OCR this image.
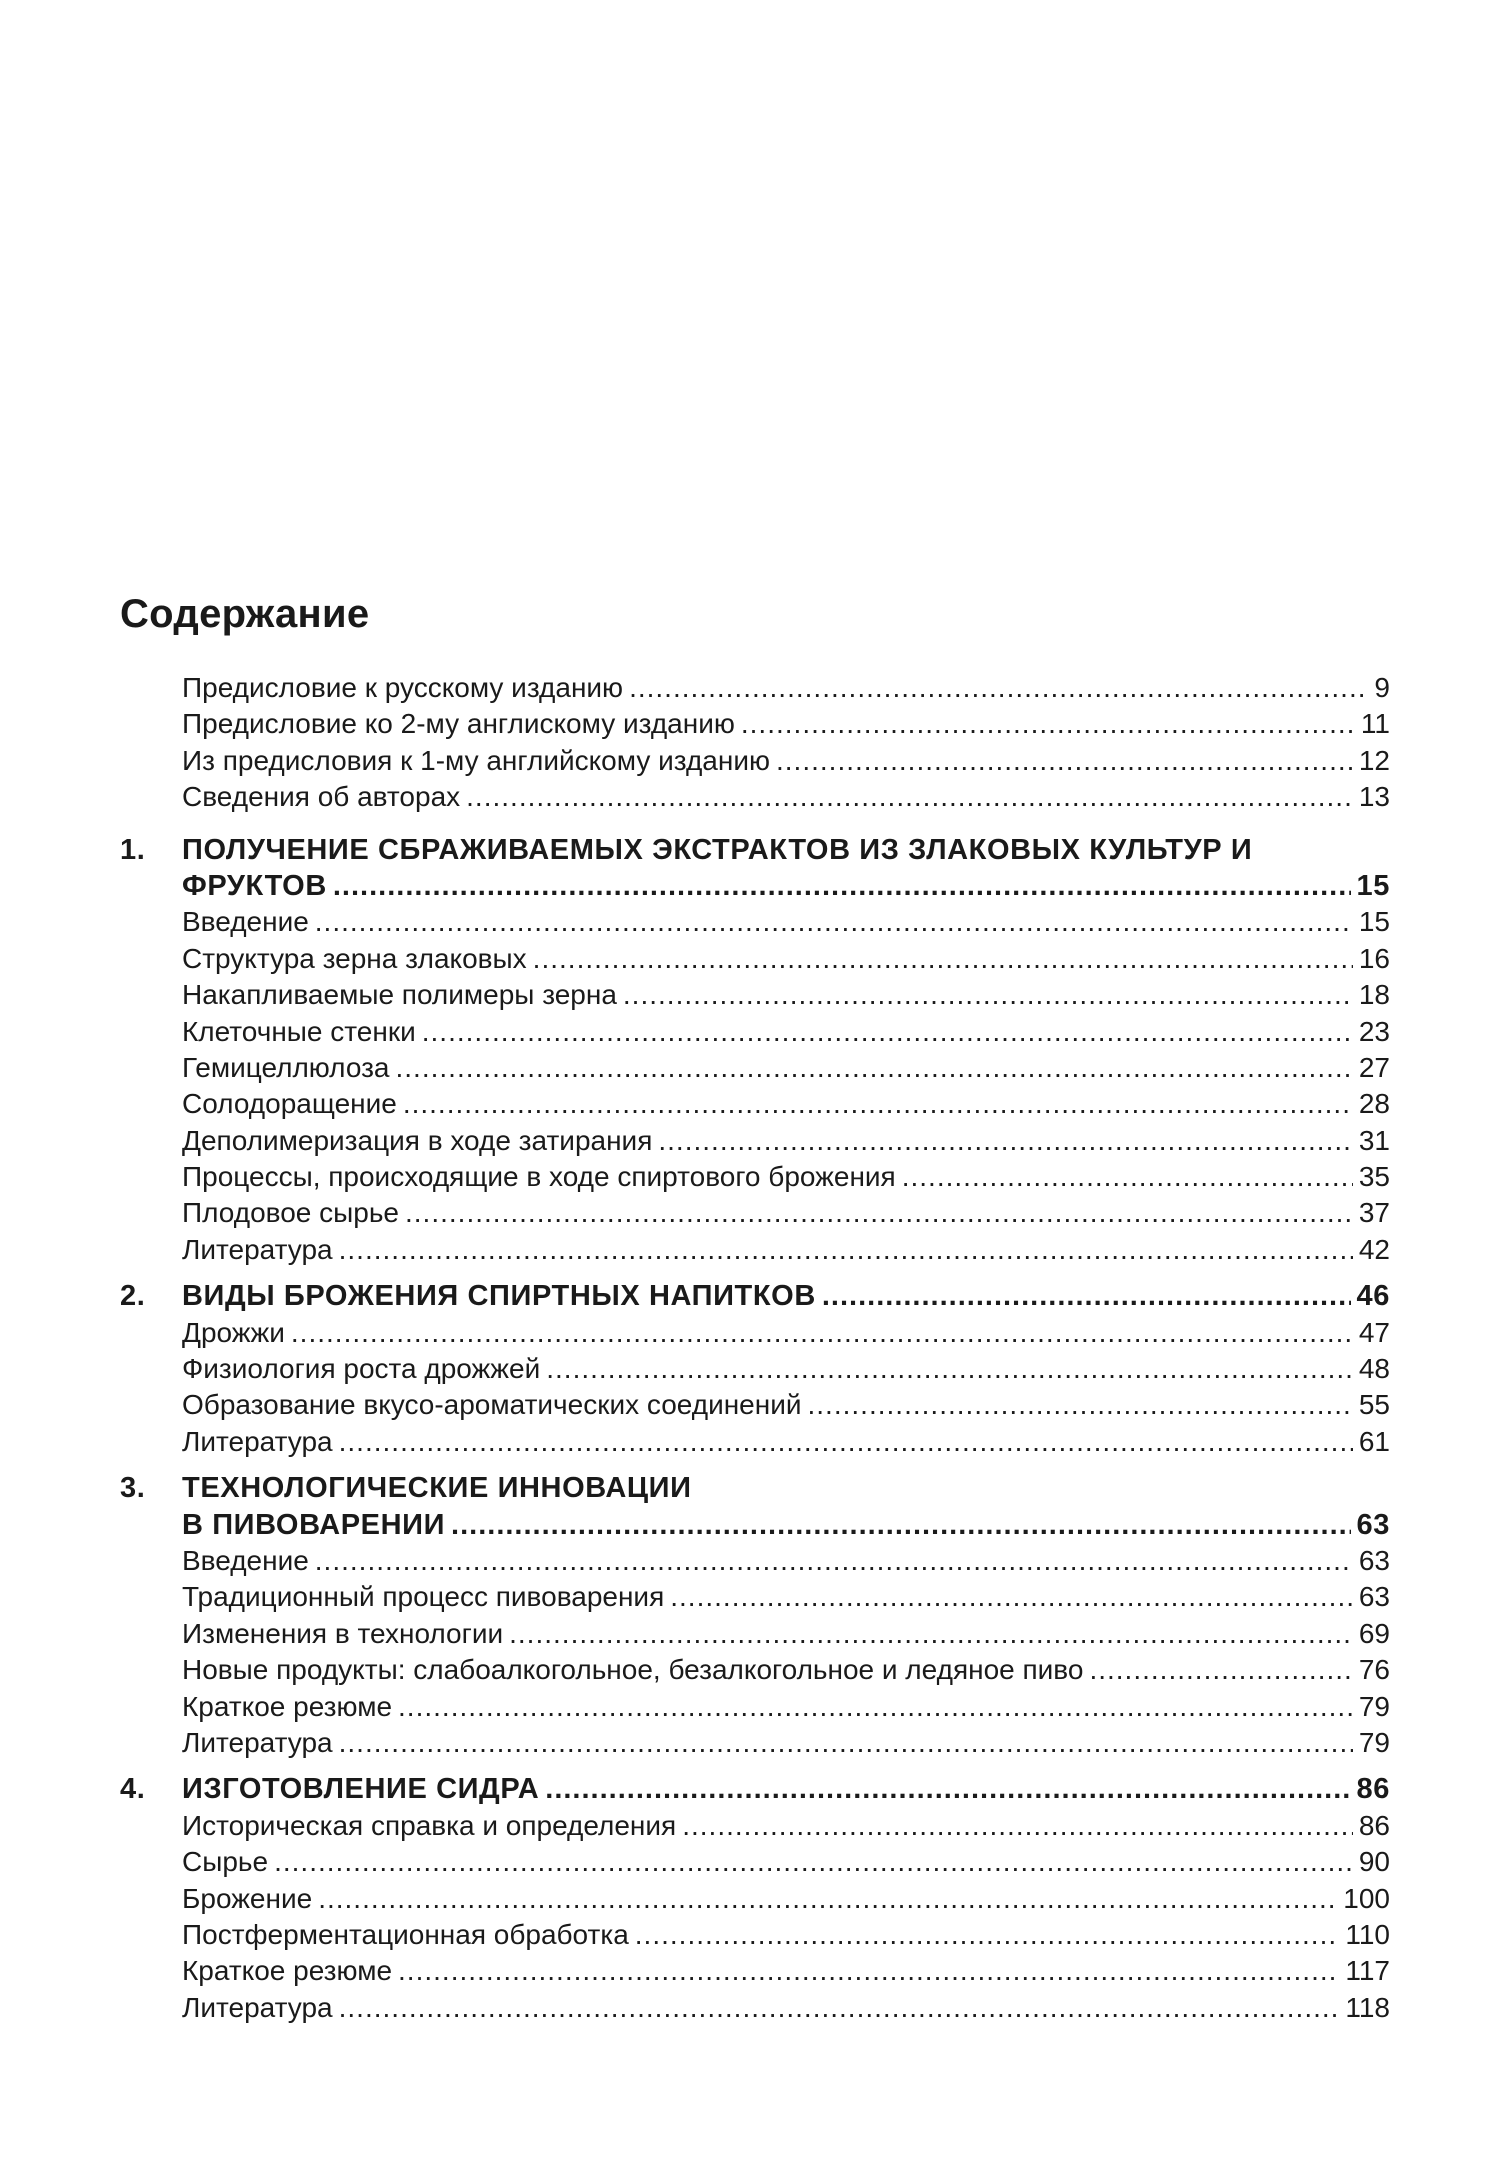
Содержание
Предисловие к русскому изданию .....	9
Предисловие ко 2-му англиcкому изданию .....	11
Из предисловия к 1-му английскому изданию .....	12
Сведения об авторах .....	13
1.	ПОЛУЧЕНИЕ СБРАЖИВАЕМЫХ ЭКСТРАКТОВ ИЗ ЗЛАКОВЫХ КУЛЬТУР И
ФРУКТОВ .....	15
Введение .....	15
Структура зерна злаковых .....	16
Накапливаемые полимеры зерна .....	18
Клеточные стенки .....	23
Гемицеллюлоза .....	27
Солодоращение .....	28
Деполимеризация в ходе затирания .....	31
Процессы, происходящие в ходе спиртового брожения .....	35
Плодовое сырье .....	37
Литература .....	42
2.	ВИДЫ БРОЖЕНИЯ СПИРТНЫХ НАПИТКОВ .....	46
Дрожжи .....	47
Физиология роста дрожжей .....	48
Образование вкусо-ароматических соединений .....	55
Литература .....	61
3.	ТЕХНОЛОГИЧЕСКИЕ ИННОВАЦИИ
В ПИВОВАРЕНИИ .....	63
Введение .....	63
Традиционный процесс пивоварения .....	63
Изменения в технологии .....	69
Новые продукты: слабоалкогольное, безалкогольное и ледяное пиво .....	76
Краткое резюме .....	79
Литература .....	79
4.	ИЗГОТОВЛЕНИЕ СИДРА .....	86
Историческая справка и определения .....	86
Сырье .....	90
Брожение .....	100
Постферментационная обработка .....	110
Краткое резюме .....	117
Литература .....	118
